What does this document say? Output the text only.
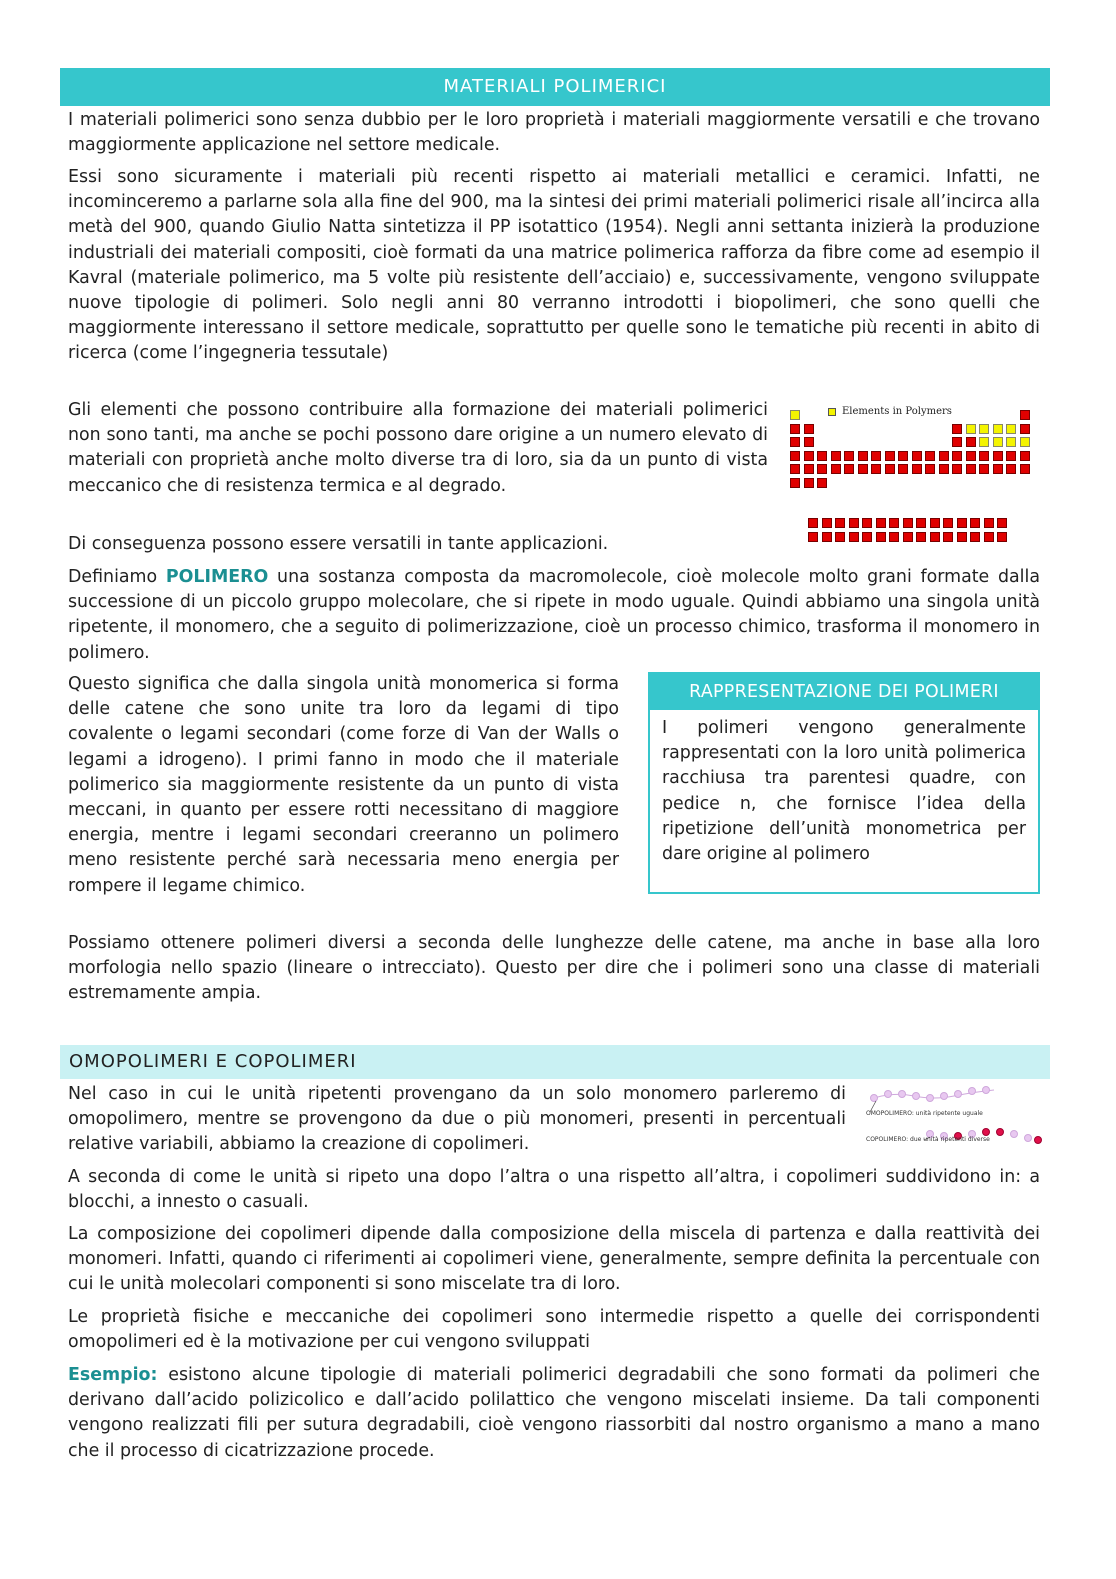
MATERIALI POLIMERICI

I materiali polimerici sono senza dubbio per le loro proprietà i materiali maggiormente versatili e che trovano maggiormente applicazione nel settore medicale.

Essi sono sicuramente i materiali più recenti rispetto ai materiali metallici e ceramici. Infatti, ne incominceremo a parlarne sola alla fine del 900, ma la sintesi dei primi materiali polimerici risale all’incirca alla metà del 900, quando Giulio Natta sintetizza il PP isotattico (1954). Negli anni settanta inizierà la produzione industriali dei materiali compositi, cioè formati da una matrice polimerica rafforza da fibre come ad esempio il Kavral (materiale polimerico, ma 5 volte più resistente dell’acciaio) e, successivamente, vengono sviluppate nuove tipologie di polimeri. Solo negli anni 80 verranno introdotti i biopolimeri, che sono quelli che maggiormente interessano il settore medicale, soprattutto per quelle sono le tematiche più recenti in abito di ricerca (come l’ingegneria tessutale)

Gli elementi che possono contribuire alla formazione dei materiali polimerici non sono tanti, ma anche se pochi possono dare origine a un numero elevato di materiali con proprietà anche molto diverse tra di loro, sia da un punto di vista meccanico che di resistenza termica e al degrado.

Di conseguenza possono essere versatili in tante applicazioni.

Definiamo POLIMERO una sostanza composta da macromolecole, cioè molecole molto grani formate dalla successione di un piccolo gruppo molecolare, che si ripete in modo uguale. Quindi abbiamo una singola unità ripetente, il monomero, che a seguito di polimerizzazione, cioè un processo chimico, trasforma il monomero in polimero.

Questo significa che dalla singola unità monomerica si forma delle catene che sono unite tra loro da legami di tipo covalente o legami secondari (come forze di Van der Walls o legami a idrogeno). I primi fanno in modo che il materiale polimerico sia maggiormente resistente da un punto di vista meccani, in quanto per essere rotti necessitano di maggiore energia, mentre i legami secondari creeranno un polimero meno resistente perché sarà necessaria meno energia per rompere il legame chimico.

Possiamo ottenere polimeri diversi a seconda delle lunghezze delle catene, ma anche in base alla loro morfologia nello spazio (lineare o intrecciato). Questo per dire che i polimeri sono una classe di materiali estremamente ampia.

Elements in Polymers
RAPPRESENTAZIONE DEI POLIMERI

I polimeri vengono generalmente rappresentati con la loro unità polimerica racchiusa tra parentesi quadre, con pedice n, che fornisce l’idea della ripetizione dell’unità monometrica per dare origine al polimero

OMOPOLIMERI E COPOLIMERI

Nel caso in cui le unità ripetenti provengano da un solo monomero parleremo di omopolimero, mentre se provengono da due o più monomeri, presenti in percentuali relative variabili, abbiamo la creazione di copolimeri.

OMOPOLIMERO: unità ripetente uguale
COPOLIMERO: due unità ripetenti diverse

A seconda di come le unità si ripeto una dopo l’altra o una rispetto all’altra, i copolimeri suddividono in: a blocchi, a innesto o casuali.

La composizione dei copolimeri dipende dalla composizione della miscela di partenza e dalla reattività dei monomeri. Infatti, quando ci riferimenti ai copolimeri viene, generalmente, sempre definita la percentuale con cui le unità molecolari componenti si sono miscelate tra di loro.

Le proprietà fisiche e meccaniche dei copolimeri sono intermedie rispetto a quelle dei corrispondenti omopolimeri ed è la motivazione per cui vengono sviluppati

Esempio: esistono alcune tipologie di materiali polimerici degradabili che sono formati da polimeri che derivano dall’acido polizicolico e dall’acido polilattico che vengono miscelati insieme. Da tali componenti vengono realizzati fili per sutura degradabili, cioè vengono riassorbiti dal nostro organismo a mano a mano che il processo di cicatrizzazione procede.
